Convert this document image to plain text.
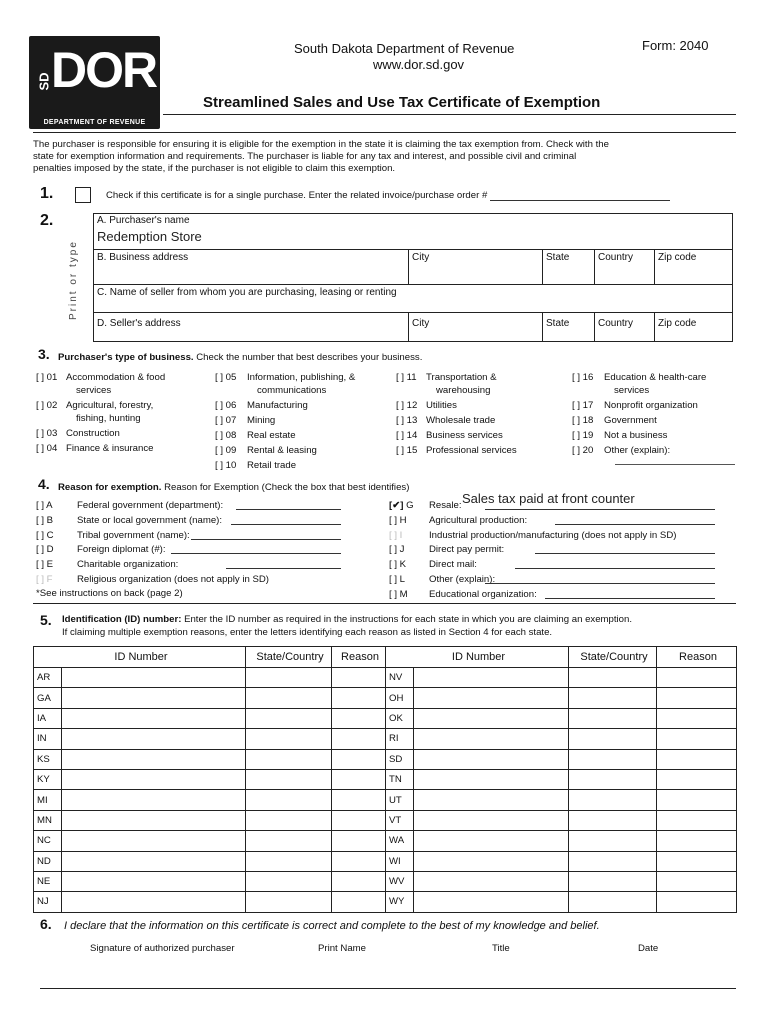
SD DOR
DEPARTMENT OF REVENUE
South Dakota Department of Revenue
www.dor.sd.gov
Form: 2040
Streamlined Sales and Use Tax Certificate of Exemption
The purchaser is responsible for ensuring it is eligible for the exemption in the state it is claiming the tax exemption from. Check with the
state for exemption information and requirements. The purchaser is liable for any tax and interest, and possible civil and criminal
penalties imposed by the state, if the purchaser is not eligible to claim this exemption.
1.	Check if this certificate is for a single purchase. Enter the related invoice/purchase order #
2.
Print or type
A. Purchaser's name
Redemption Store
B. Business address	City	State	Country Zip code
C. Name of seller from whom you are purchasing, leasing or renting
D. Seller's address	City	State	Country Zip code
3. Purchaser's type of business. Check the number that best describes your business.
[ ] 01 Accommodation & food
services
[ ] 02 Agricultural, forestry,
fishing, hunting
[ ] 03 Construction
[ ] 04 Finance & insurance
[ ] 05 Information, publishing, &
communications
[ ] 06 Manufacturing
[ ] 07 Mining
[ ] 08 Real estate
[ ] 09 Rental & leasing
[ ] 10 Retail trade
[ ] 11 Transportation &
warehousing
[ ] 12 Utilities
[ ] 13 Wholesale trade
[ ] 14 Business services
[ ] 15 Professional services
[ ] 16 Education & health-care
services
[ ] 17 Nonprofit organization
[ ] 18 Government
[ ] 19 Not a business
[ ] 20 Other (explain):
4. Reason for exemption. Reason for Exemption (Check the box that best identifies)
[ ] A	Federal government (department):
[ ] B State or local government (name):
[ ] C Tribal government (name):
[ ] D Foreign diplomat (#):
[ ] E Charitable organization:
[ ] F	Religious organization (does not apply in SD)
[✔] G Resale:
[ ] H Agricultural production:
[ ] I	Industrial production/manufacturing (does not apply in SD)
[ ] J	Direct pay permit:
[ ] K Direct mail:
[ ] L Other (explain):
[ ] M Educational organization:
Sales tax paid at front counter
*See instructions on back (page 2)
5. Identification (ID) number: Enter the ID number as required in the instructions for each state in which you are claiming an exemption.
If claiming multiple exemption reasons, enter the letters identifying each reason as listed in Section 4 for each state.
ID Number		State/Country	Reason	ID Number		State/Country	Reason
AR				NV			
GA				OH			
IA				OK			
IN				RI			
KS				SD			
KY				TN			
MI				UT			
MN				VT			
NC				WA			
ND				WI			
NE				WV			
NJ				WY			
6. I declare that the information on this certificate is correct and complete to the best of my knowledge and belief.
Signature of authorized purchaser	Print Name	Title	Date
